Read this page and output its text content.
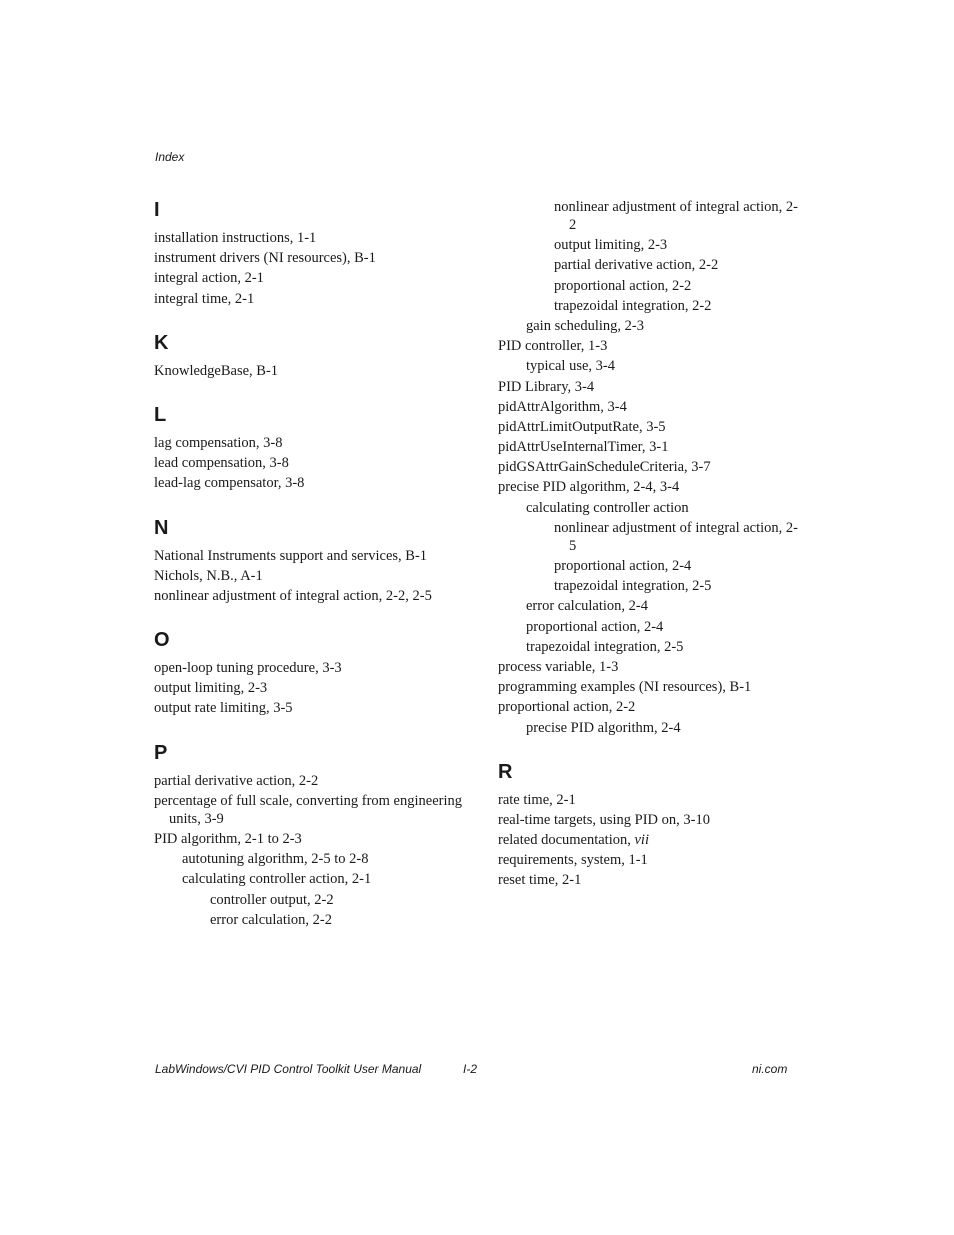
Index
I
installation instructions, 1-1
instrument drivers (NI resources), B-1
integral action, 2-1
integral time, 2-1
K
KnowledgeBase, B-1
L
lag compensation, 3-8
lead compensation, 3-8
lead-lag compensator, 3-8
N
National Instruments support and services, B-1
Nichols, N.B., A-1
nonlinear adjustment of integral action, 2-2, 2-5
O
open-loop tuning procedure, 3-3
output limiting, 2-3
output rate limiting, 3-5
P
partial derivative action, 2-2
percentage of full scale, converting from engineering units, 3-9
PID algorithm, 2-1 to 2-3
autotuning algorithm, 2-5 to 2-8
calculating controller action, 2-1
controller output, 2-2
error calculation, 2-2
nonlinear adjustment of integral action, 2-2
output limiting, 2-3
partial derivative action, 2-2
proportional action, 2-2
trapezoidal integration, 2-2
gain scheduling, 2-3
PID controller, 1-3
typical use, 3-4
PID Library, 3-4
pidAttrAlgorithm, 3-4
pidAttrLimitOutputRate, 3-5
pidAttrUseInternalTimer, 3-1
pidGSAttrGainScheduleCriteria, 3-7
precise PID algorithm, 2-4, 3-4
calculating controller action
nonlinear adjustment of integral action, 2-5
proportional action, 2-4
trapezoidal integration, 2-5
error calculation, 2-4
proportional action, 2-4
trapezoidal integration, 2-5
process variable, 1-3
programming examples (NI resources), B-1
proportional action, 2-2
precise PID algorithm, 2-4
R
rate time, 2-1
real-time targets, using PID on, 3-10
related documentation, vii
requirements, system, 1-1
reset time, 2-1
LabWindows/CVI PID Control Toolkit User Manual	I-2	ni.com
